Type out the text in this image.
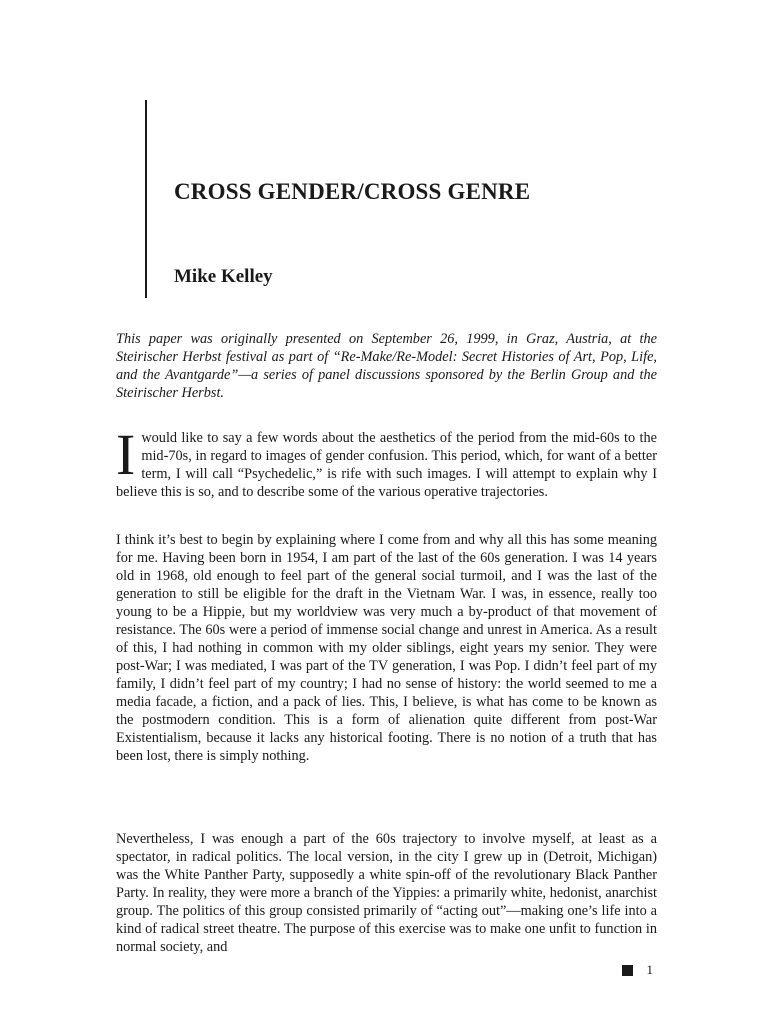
CROSS GENDER/CROSS GENRE
Mike Kelley

This paper was originally presented on September 26, 1999, in Graz, Austria, at the Steirischer Herbst festival as part of “Re-Make/Re-Model: Secret Histories of Art, Pop, Life, and the Avantgarde”—a series of panel discussions sponsored by the Berlin Group and the Steirischer Herbst.

I would like to say a few words about the aesthetics of the period from the mid-60s to the mid-70s, in regard to images of gender confusion. This period, which, for want of a better term, I will call “Psychedelic,” is rife with such images. I will attempt to explain why I believe this is so, and to describe some of the various operative trajectories.

I think it’s best to begin by explaining where I come from and why all this has some meaning for me. Having been born in 1954, I am part of the last of the 60s generation. I was 14 years old in 1968, old enough to feel part of the general social turmoil, and I was the last of the generation to still be eligible for the draft in the Vietnam War. I was, in essence, really too young to be a Hippie, but my worldview was very much a by-product of that movement of resistance. The 60s were a period of immense social change and unrest in America. As a result of this, I had nothing in common with my older siblings, eight years my senior. They were post-War; I was mediated, I was part of the TV generation, I was Pop. I didn’t feel part of my family, I didn’t feel part of my country; I had no sense of history: the world seemed to me a media facade, a fiction, and a pack of lies. This, I believe, is what has come to be known as the postmodern condition. This is a form of alienation quite different from post-War Existentialism, because it lacks any historical footing. There is no notion of a truth that has been lost, there is simply nothing.

Nevertheless, I was enough a part of the 60s trajectory to involve myself, at least as a spectator, in radical politics. The local version, in the city I grew up in (Detroit, Michigan) was the White Panther Party, supposedly a white spin-off of the revolutionary Black Panther Party. In reality, they were more a branch of the Yippies: a primarily white, hedonist, anarchist group. The politics of this group consisted primarily of “acting out”—making one’s life into a kind of radical street theatre. The purpose of this exercise was to make one unfit to function in normal society, and

1
